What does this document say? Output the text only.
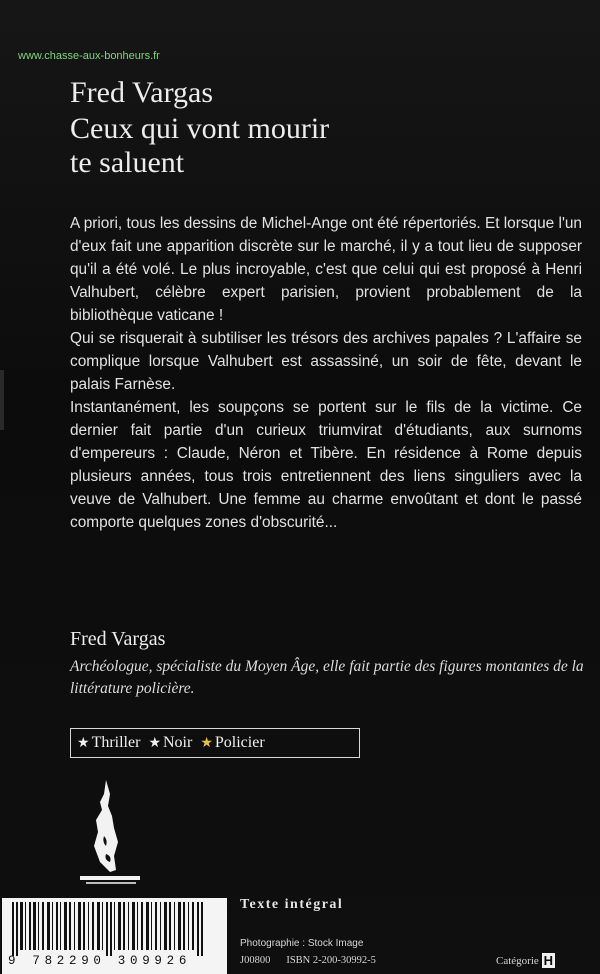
www.chasse-aux-bonheurs.fr
Fred Vargas
Ceux qui vont mourir
te saluent

A priori, tous les dessins de Michel-Ange ont été répertoriés. Et lorsque l'un d'eux fait une apparition discrète sur le marché, il y a tout lieu de supposer qu'il a été volé. Le plus incroyable, c'est que celui qui est proposé à Henri Valhubert, célèbre expert parisien, provient probablement de la bibliothèque vaticane !

Qui se risquerait à subtiliser les trésors des archives papales ? L'affaire se complique lorsque Valhubert est assassiné, un soir de fête, devant le palais Farnèse.

Instantanément, les soupçons se portent sur le fils de la victime. Ce dernier fait partie d'un curieux triumvirat d'étudiants, aux surnoms d'empereurs : Claude, Néron et Tibère. En résidence à Rome depuis plusieurs années, tous trois entretiennent des liens singuliers avec la veuve de Valhubert. Une femme au charme envoûtant et dont le passé comporte quelques zones d'obscurité...

Fred Vargas
Archéologue, spécialiste du Moyen Âge, elle fait partie des figures montantes de la littérature policière.
★ Thriller ★ Noir ★ Policier
Texte intégral
9 782290 309926
Photographie : Stock Image
J00800 ISBN 2-200-30992-5	Catégorie H
